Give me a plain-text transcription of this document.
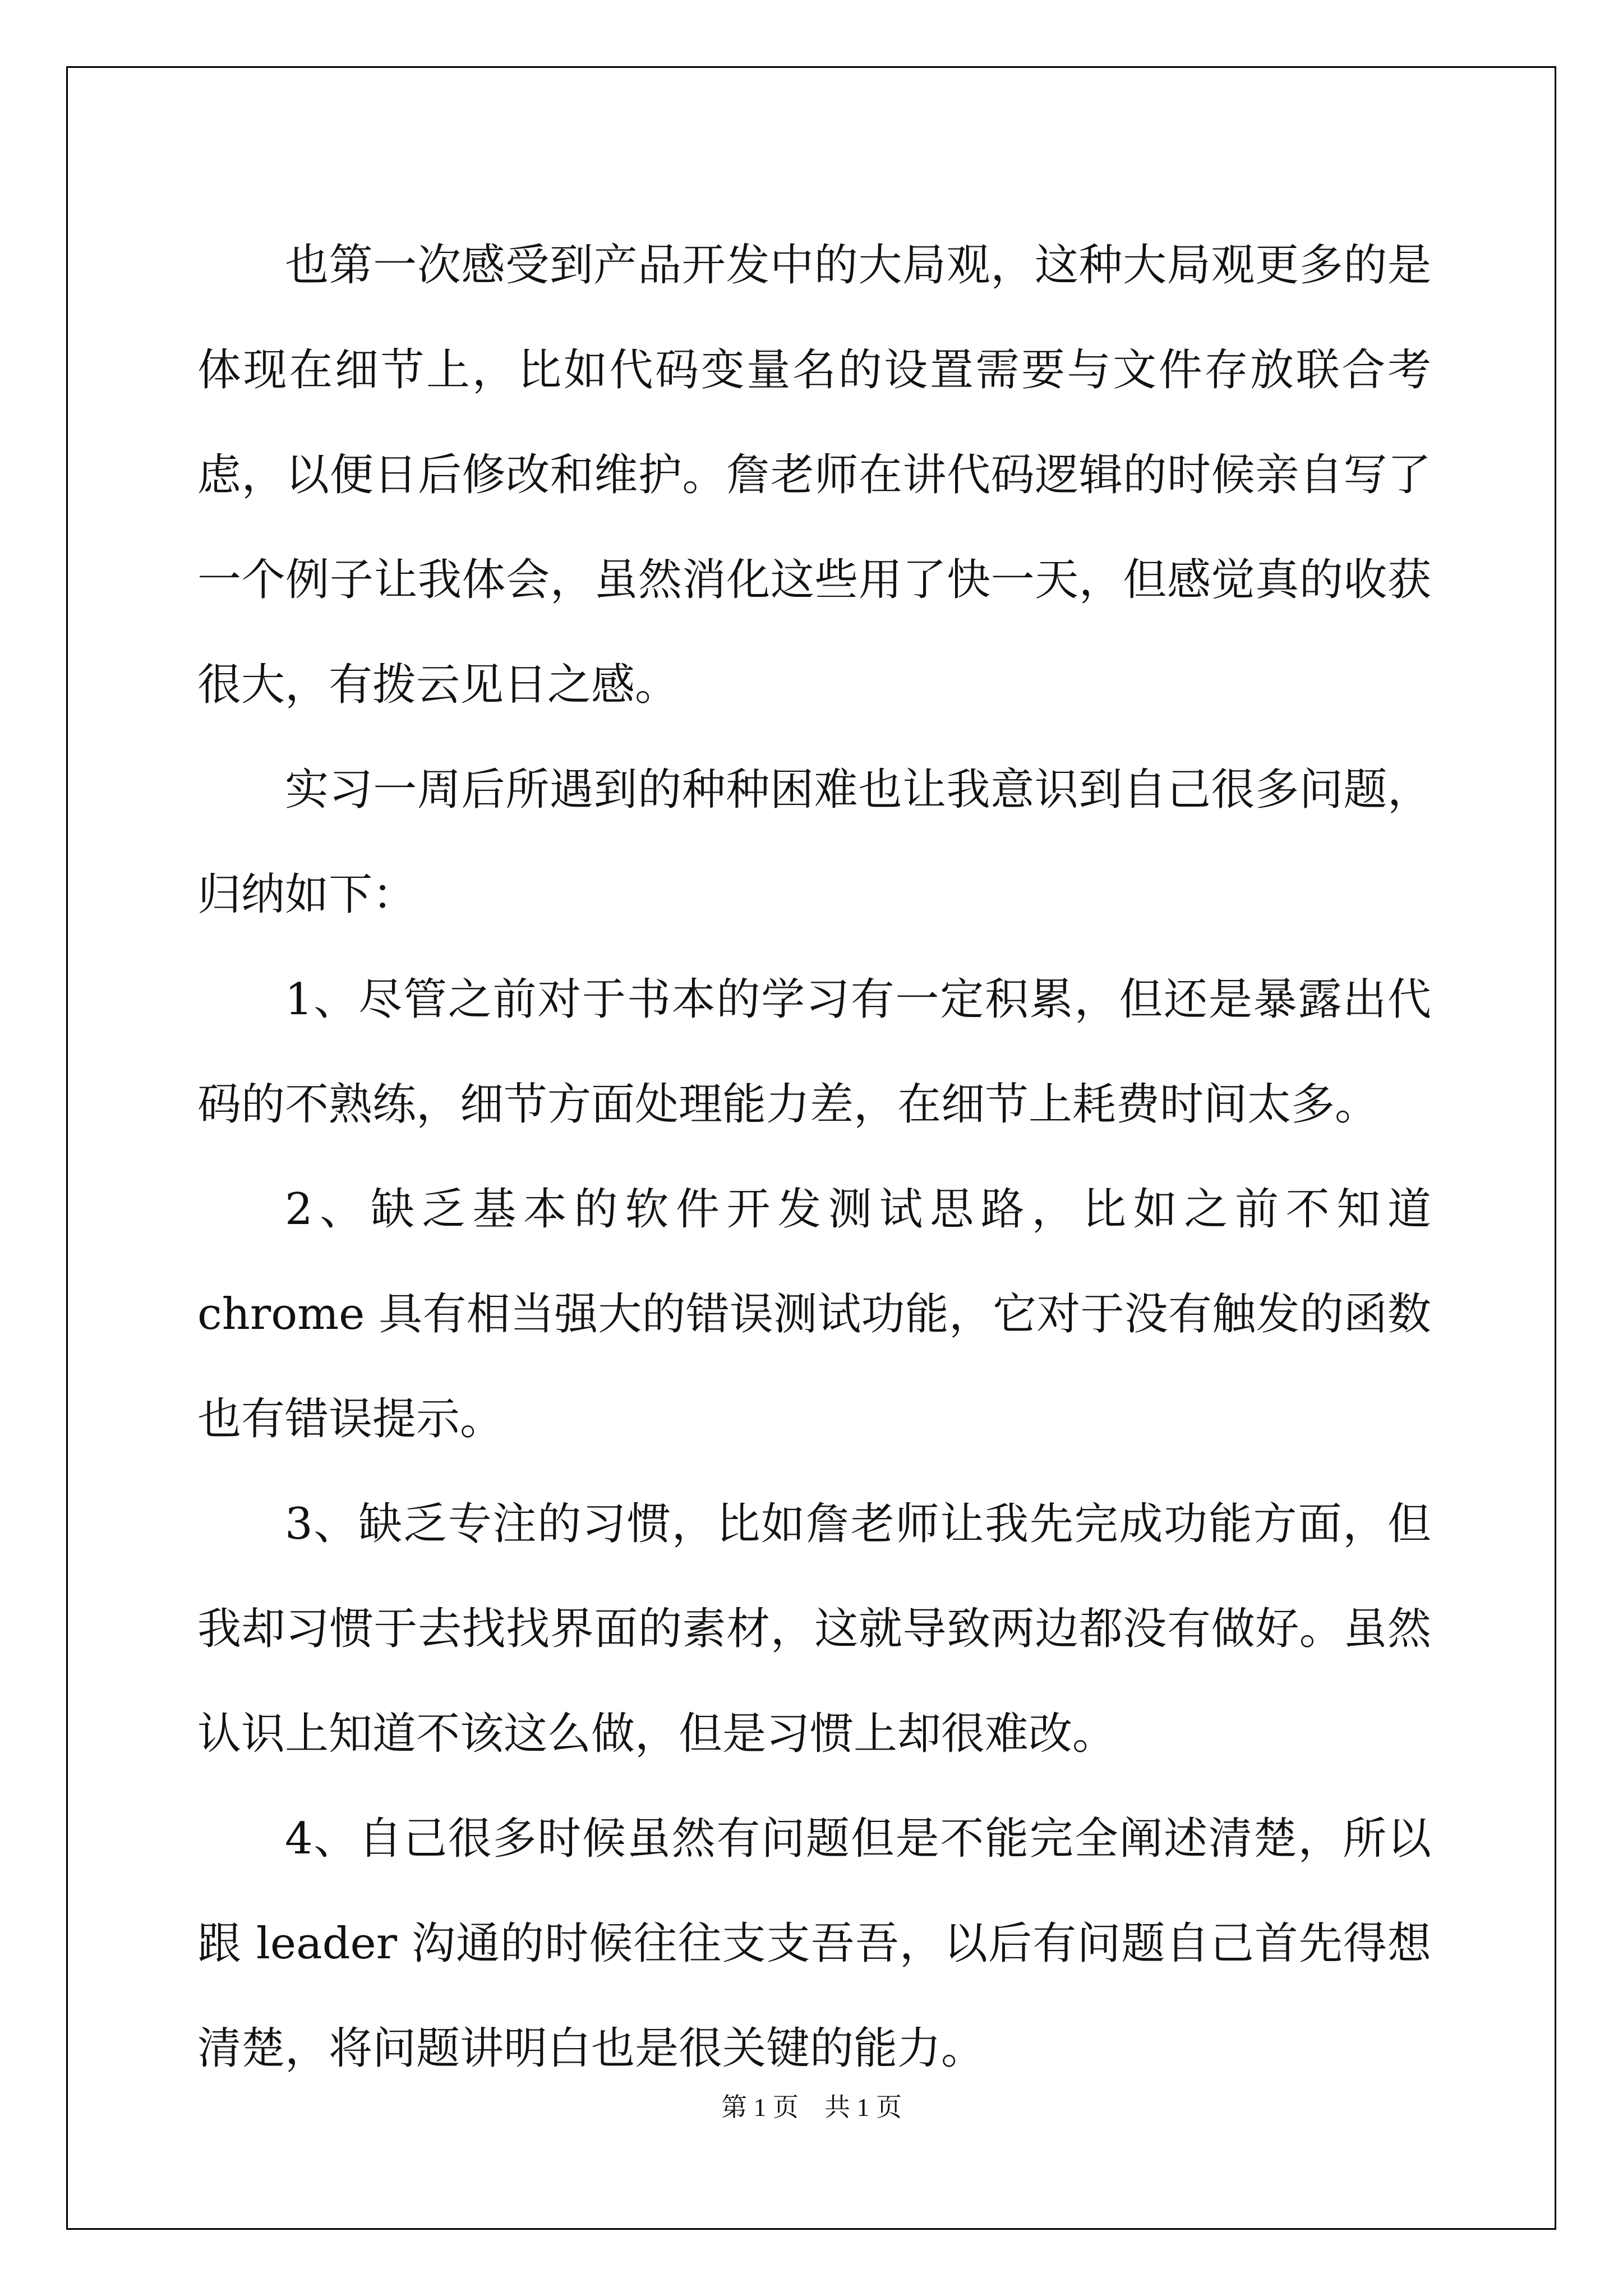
也第一次感受到产品开发中的大局观，这种大局观更多的是体现在细节上，比如代码变量名的设置需要与文件存放联合考虑，以便日后修改和维护。詹老师在讲代码逻辑的时候亲自写了一个例子让我体会，虽然消化这些用了快一天，但感觉真的收获很大，有拨云见日之感。

实习一周后所遇到的种种困难也让我意识到自己很多问题，归纳如下：

1、尽管之前对于书本的学习有一定积累，但还是暴露出代码的不熟练，细节方面处理能力差，在细节上耗费时间太多。

2、缺乏基本的软件开发测试思路，比如之前不知道 chrome 具有相当强大的错误测试功能，它对于没有触发的函数也有错误提示。

3、缺乏专注的习惯，比如詹老师让我先完成功能方面，但我却习惯于去找找界面的素材，这就导致两边都没有做好。虽然认识上知道不该这么做，但是习惯上却很难改。

4、自己很多时候虽然有问题但是不能完全阐述清楚，所以跟 leader 沟通的时候往往支支吾吾，以后有问题自己首先得想清楚，将问题讲明白也是很关键的能力。

第 1 页    共 1 页
